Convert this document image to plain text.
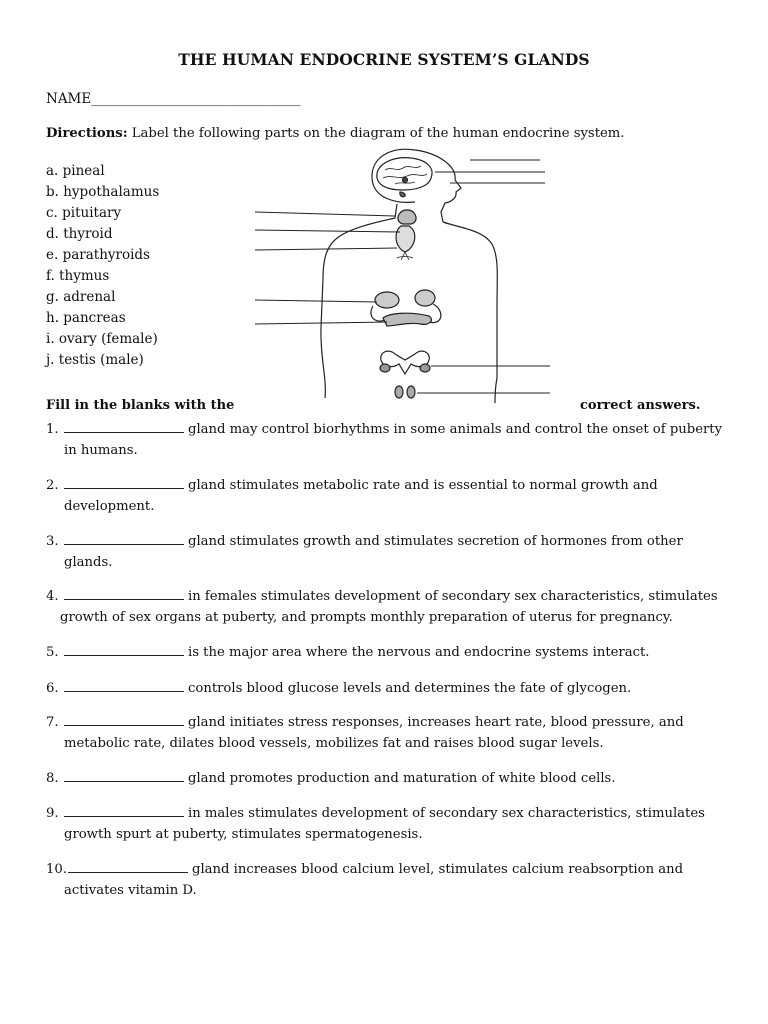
THE HUMAN ENDOCRINE SYSTEM’S GLANDS
NAME_______________________________
Directions: Label the following parts on the diagram of the human endocrine system.
a. pineal
b. hypothalamus
c. pituitary
d. thyroid
e. parathyroids
f. thymus
g. adrenal
h. pancreas
i. ovary (female)
j. testis (male)
Fill in the blanks with the	correct answers.
1.	gland may control biorhythms in some animals and control the onset of puberty
in humans.
2.	gland stimulates metabolic rate and is essential to normal growth and
development.
3.	gland stimulates growth and stimulates secretion of hormones from other
glands.
4.	in females stimulates development of secondary sex characteristics, stimulates
growth of sex organs at puberty, and prompts monthly preparation of uterus for pregnancy.
5.	is the major area where the nervous and endocrine systems interact.
6.	controls blood glucose levels and determines the fate of glycogen.
7.	gland initiates stress responses, increases heart rate, blood pressure, and
metabolic rate, dilates blood vessels, mobilizes fat and raises blood sugar levels.
8.	gland promotes production and maturation of white blood cells.
9.	in males stimulates development of secondary sex characteristics, stimulates
growth spurt at puberty, stimulates spermatogenesis.
10.	gland increases blood calcium level, stimulates calcium reabsorption and
activates vitamin D.
